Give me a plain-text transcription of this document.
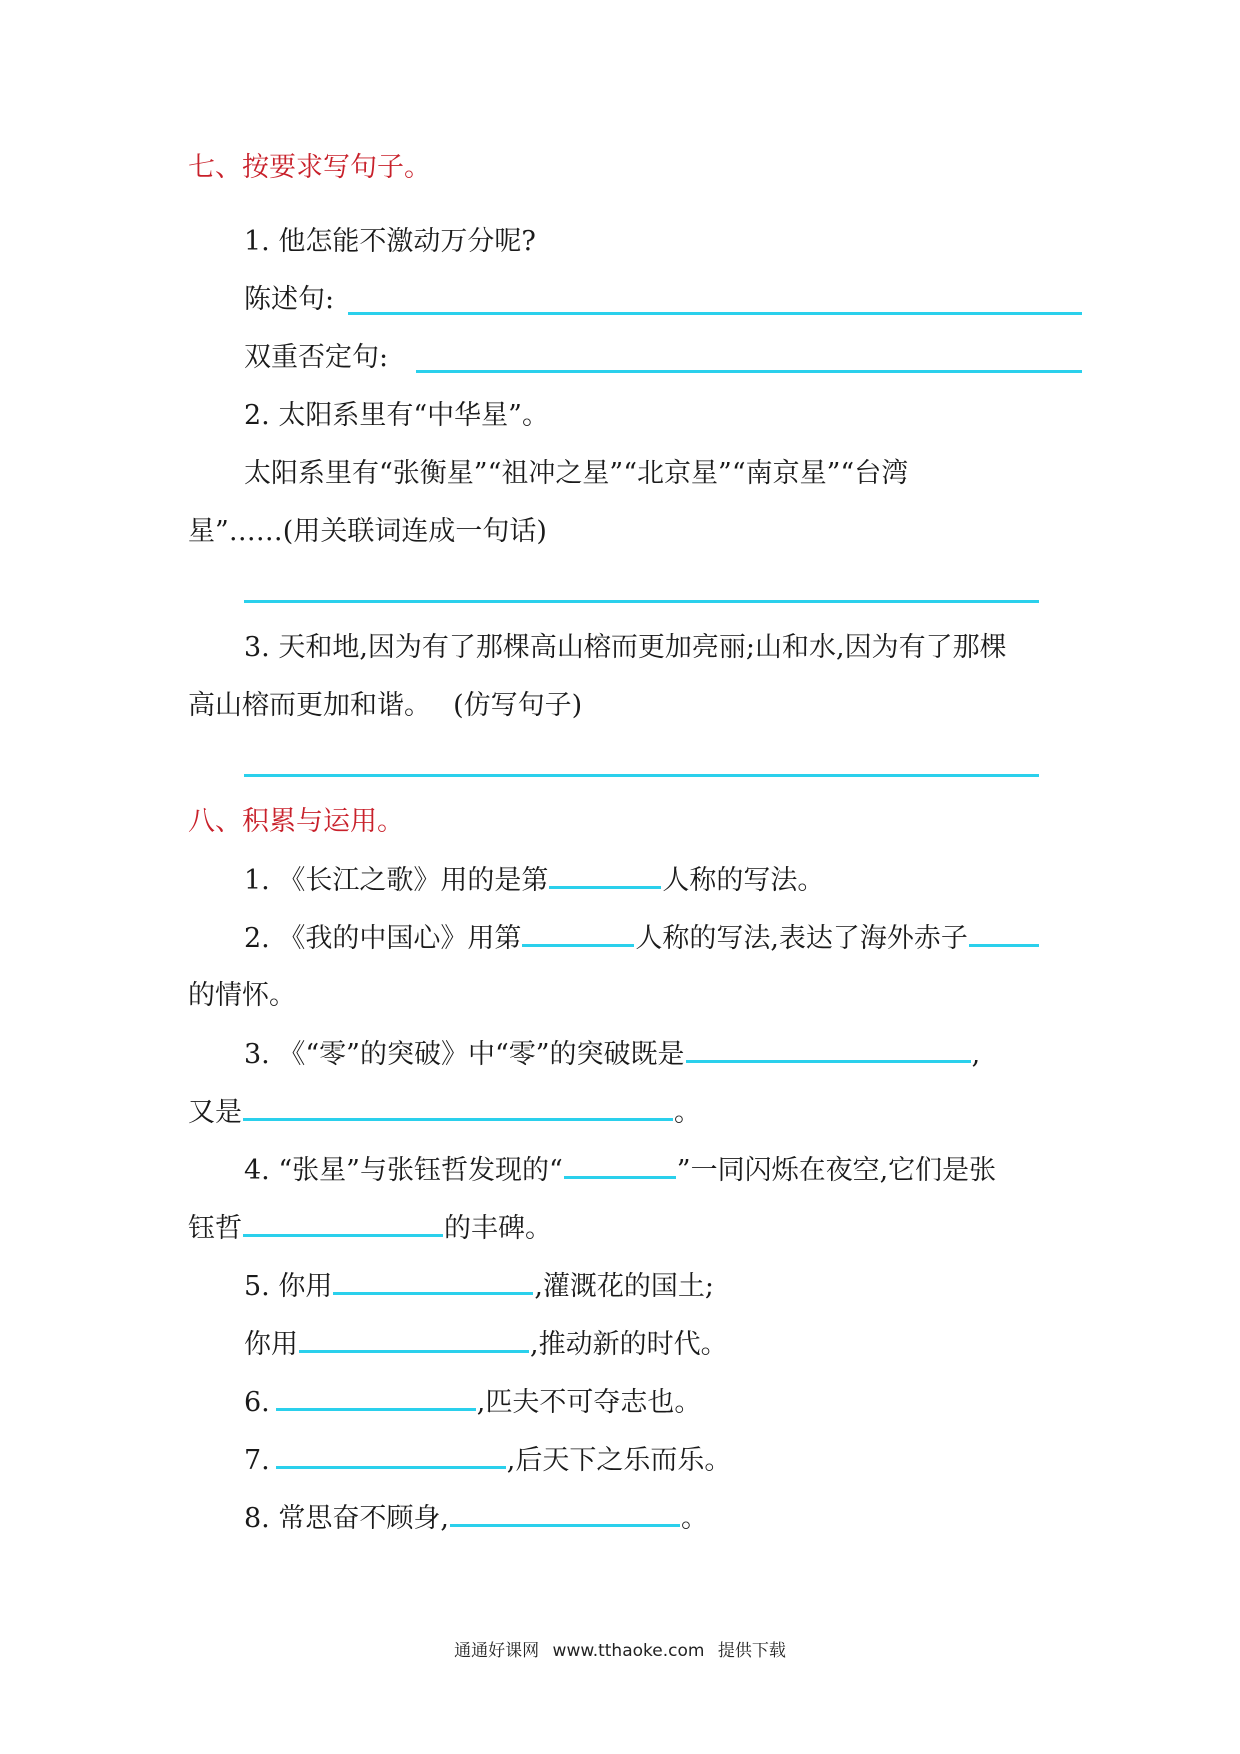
七、按要求写句子。
1. 他怎能不激动万分呢?
陈述句:
双重否定句:
2. 太阳系里有“中华星”。
太阳系里有“张衡星”“祖冲之星”“北京星”“南京星”“台湾
星”……(用关联词连成一句话)
3. 天和地,因为有了那棵高山榕而更加亮丽;山和水,因为有了那棵
高山榕而更加和谐。　 (仿写句子)
八、积累与运用。
1. 《长江之歌》用的是第	人称的写法。
2. 《我的中国心》用第	人称的写法,表达了海外赤子
的情怀。
3. 《“零”的突破》中“零”的突破既是	,
又是	。
4. “张星”与张钰哲发现的“	”一同闪烁在夜空,它们是张
钰哲	的丰碑。
5. 你用	,灌溉花的国土;
你用	,推动新的时代。
6.	,匹夫不可夺志也。
7.	,后天下之乐而乐。
8. 常思奋不顾身,	。
通通好课网 www.tthaoke.com 提供下载
